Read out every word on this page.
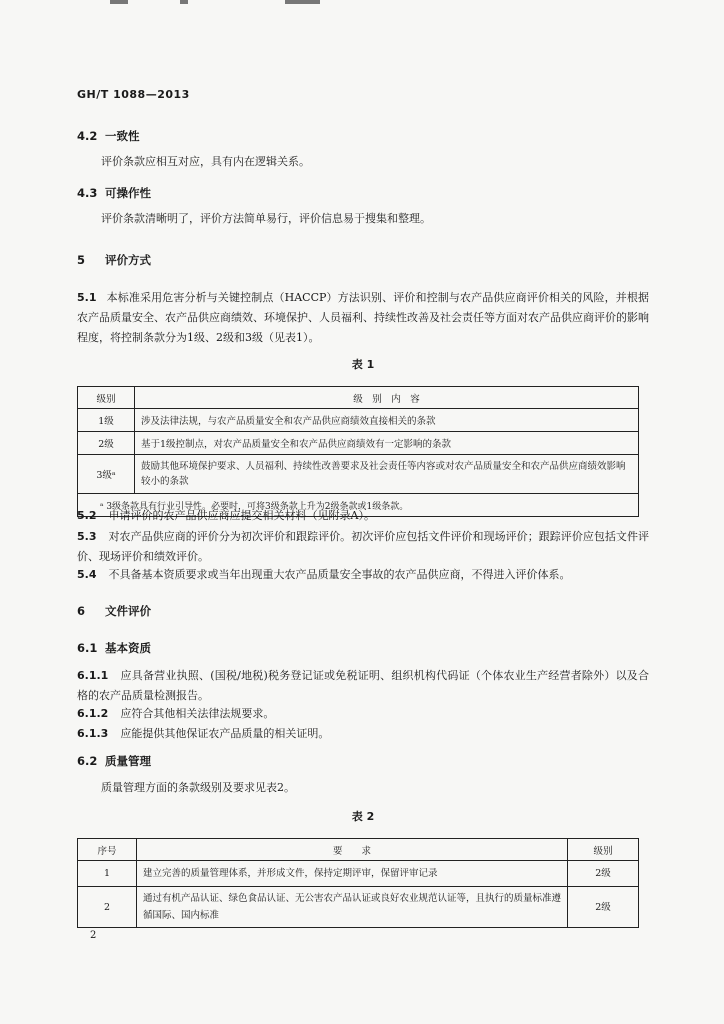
GH/T 1088—2013
4.2 一致性
评价条款应相互对应，具有内在逻辑关系。
4.3 可操作性
评价条款清晰明了，评价方法简单易行，评价信息易于搜集和整理。
5 评价方式
5.1 本标准采用危害分析与关键控制点（HACCP）方法识别、评价和控制与农产品供应商评价相关的风险，并根据农产品质量安全、农产品供应商绩效、环境保护、人员福利、持续性改善及社会责任等方面对农产品供应商评价的影响程度，将控制条款分为1级、2级和3级（见表1）。
表 1
级别	级　别　内　容
1级	涉及法律法规，与农产品质量安全和农产品供应商绩效直接相关的条款
2级	基于1级控制点，对农产品质量安全和农产品供应商绩效有一定影响的条款
3级ᵃ	鼓励其他环境保护要求、人员福利、持续性改善要求及社会责任等内容或对农产品质量安全和农产品供应商绩效影响较小的条款
ᵃ 3级条款具有行业引导性。必要时，可将3级条款上升为2级条款或1级条款。	
5.2 申请评价的农产品供应商应提交相关材料（见附录A）。
5.3 对农产品供应商的评价分为初次评价和跟踪评价。初次评价应包括文件评价和现场评价；跟踪评价应包括文件评价、现场评价和绩效评价。
5.4 不具备基本资质要求或当年出现重大农产品质量安全事故的农产品供应商，不得进入评价体系。
6 文件评价
6.1 基本资质
6.1.1 应具备营业执照、(国税/地税)税务登记证或免税证明、组织机构代码证（个体农业生产经营者除外）以及合格的农产品质量检测报告。
6.1.2 应符合其他相关法律法规要求。
6.1.3 应能提供其他保证农产品质量的相关证明。
6.2 质量管理
质量管理方面的条款级别及要求见表2。
表 2
序号	要　　求	级别
1	建立完善的质量管理体系，并形成文件，保持定期评审，保留评审记录	2级
2	通过有机产品认证、绿色食品认证、无公害农产品认证或良好农业规范认证等，且执行的质量标准遵循国际、国内标准	2级
2
